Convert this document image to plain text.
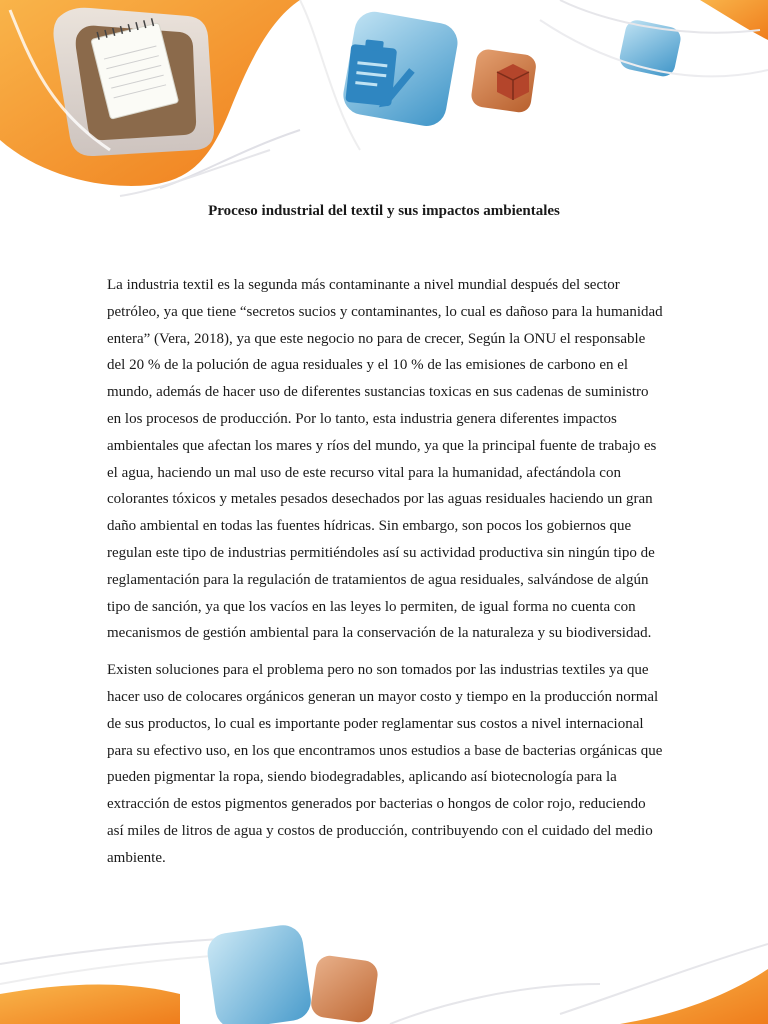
Proceso industrial del textil y sus impactos ambientales

La industria textil es la segunda más contaminante a nivel mundial después del sector petróleo, ya que tiene “secretos sucios y contaminantes, lo cual es dañoso para la humanidad entera” (Vera, 2018), ya que este negocio no para de crecer, Según la ONU el responsable del 20 % de la polución de agua residuales y el 10 % de las emisiones de carbono en el mundo, además de hacer uso de diferentes sustancias toxicas en sus cadenas de suministro en los procesos de producción. Por lo tanto, esta industria genera diferentes impactos ambientales que afectan los mares y ríos del mundo, ya que la principal fuente de trabajo es el agua, haciendo un mal uso de este recurso vital para la humanidad, afectándola con colorantes tóxicos y metales pesados desechados por las aguas residuales haciendo un gran daño ambiental en todas las fuentes hídricas. Sin embargo, son pocos los gobiernos que regulan este tipo de industrias permitiéndoles así su actividad productiva sin ningún tipo de reglamentación para la regulación de tratamientos de agua residuales, salvándose de algún tipo de sanción, ya que los vacíos en las leyes lo permiten, de igual forma no cuenta con mecanismos de gestión ambiental para la conservación de la naturaleza y su biodiversidad.

Existen soluciones para el problema pero no son tomados por las industrias textiles ya que hacer uso de colocares orgánicos generan un mayor costo y tiempo en la producción normal de sus productos, lo cual es importante poder reglamentar sus costos a nivel internacional para su efectivo uso, en los que encontramos unos estudios a base de bacterias orgánicas que pueden pigmentar la ropa, siendo biodegradables, aplicando así biotecnología para la extracción de estos pigmentos generados por bacterias o hongos de color rojo, reduciendo así miles de litros de agua y costos de producción, contribuyendo con el cuidado del medio ambiente.
